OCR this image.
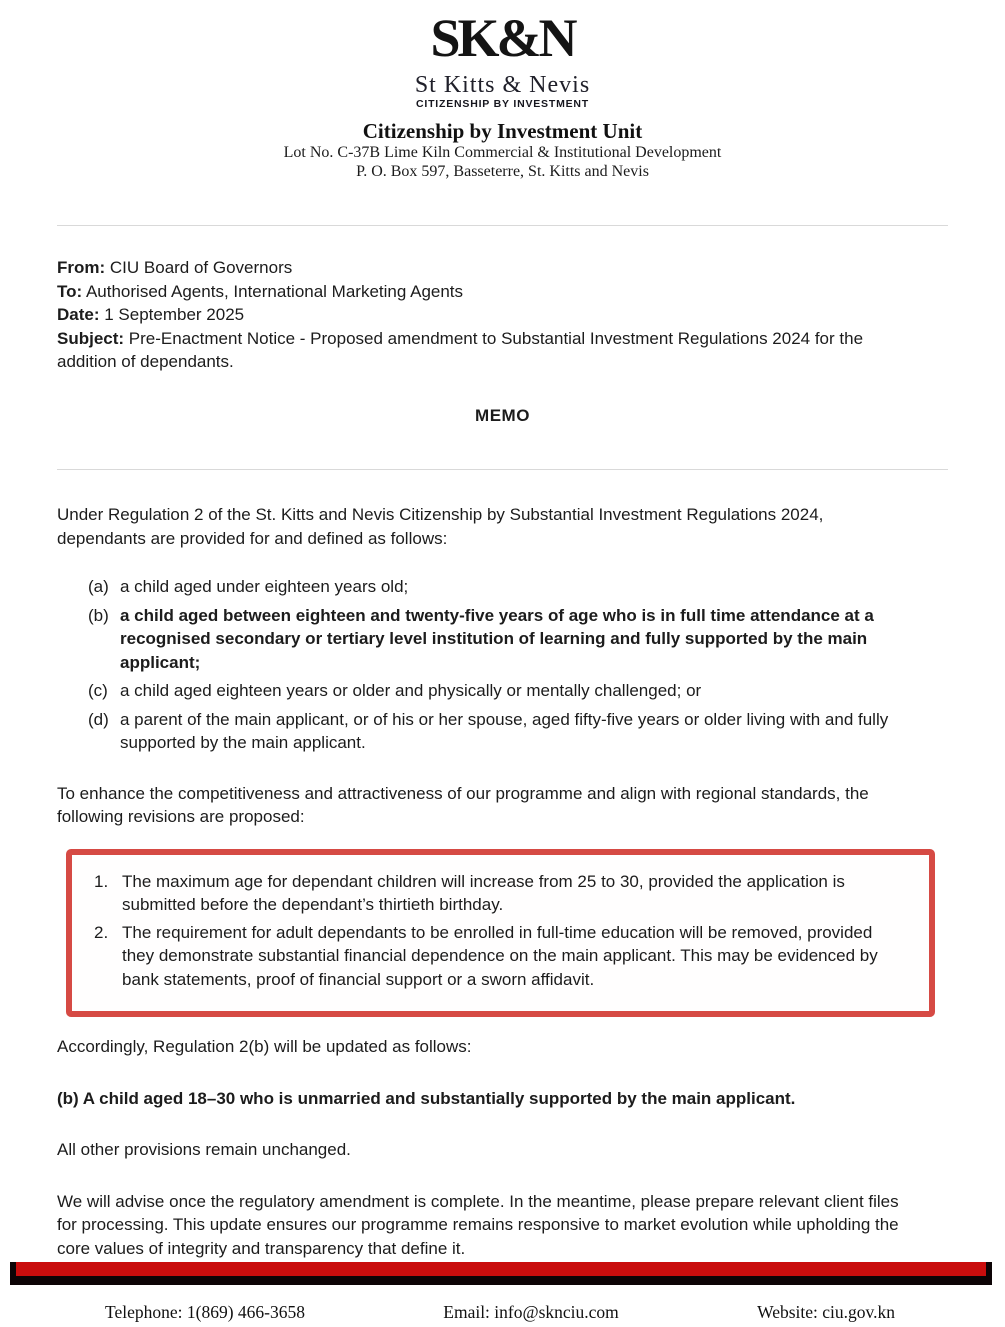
SK&N
St Kitts & Nevis
CITIZENSHIP BY INVESTMENT
Citizenship by Investment Unit
Lot No. C-37B Lime Kiln Commercial & Institutional Development
P. O. Box 597, Basseterre, St. Kitts and Nevis
From: CIU Board of Governors
To: Authorised Agents, International Marketing Agents
Date: 1 September 2025
Subject: Pre-Enactment Notice - Proposed amendment to Substantial Investment Regulations 2024 for the addition of dependants.
MEMO

Under Regulation 2 of the St. Kitts and Nevis Citizenship by Substantial Investment Regulations 2024, dependants are provided for and defined as follows:

(a) a child aged under eighteen years old;
(b) a child aged between eighteen and twenty-five years of age who is in full time attendance at a recognised secondary or tertiary level institution of learning and fully supported by the main applicant;
(c) a child aged eighteen years or older and physically or mentally challenged; or
(d) a parent of the main applicant, or of his or her spouse, aged fifty-five years or older living with and fully supported by the main applicant.

To enhance the competitiveness and attractiveness of our programme and align with regional standards, the following revisions are proposed:

1. The maximum age for dependant children will increase from 25 to 30, provided the application is submitted before the dependant’s thirtieth birthday.
2. The requirement for adult dependants to be enrolled in full-time education will be removed, provided they demonstrate substantial financial dependence on the main applicant. This may be evidenced by bank statements, proof of financial support or a sworn affidavit.

Accordingly, Regulation 2(b) will be updated as follows:

(b) A child aged 18–30 who is unmarried and substantially supported by the main applicant.

All other provisions remain unchanged.

We will advise once the regulatory amendment is complete. In the meantime, please prepare relevant client files for processing. This update ensures our programme remains responsive to market evolution while upholding the core values of integrity and transparency that define it.

Telephone: 1(869) 466-3658	Email: info@sknciu.com	Website: ciu.gov.kn
